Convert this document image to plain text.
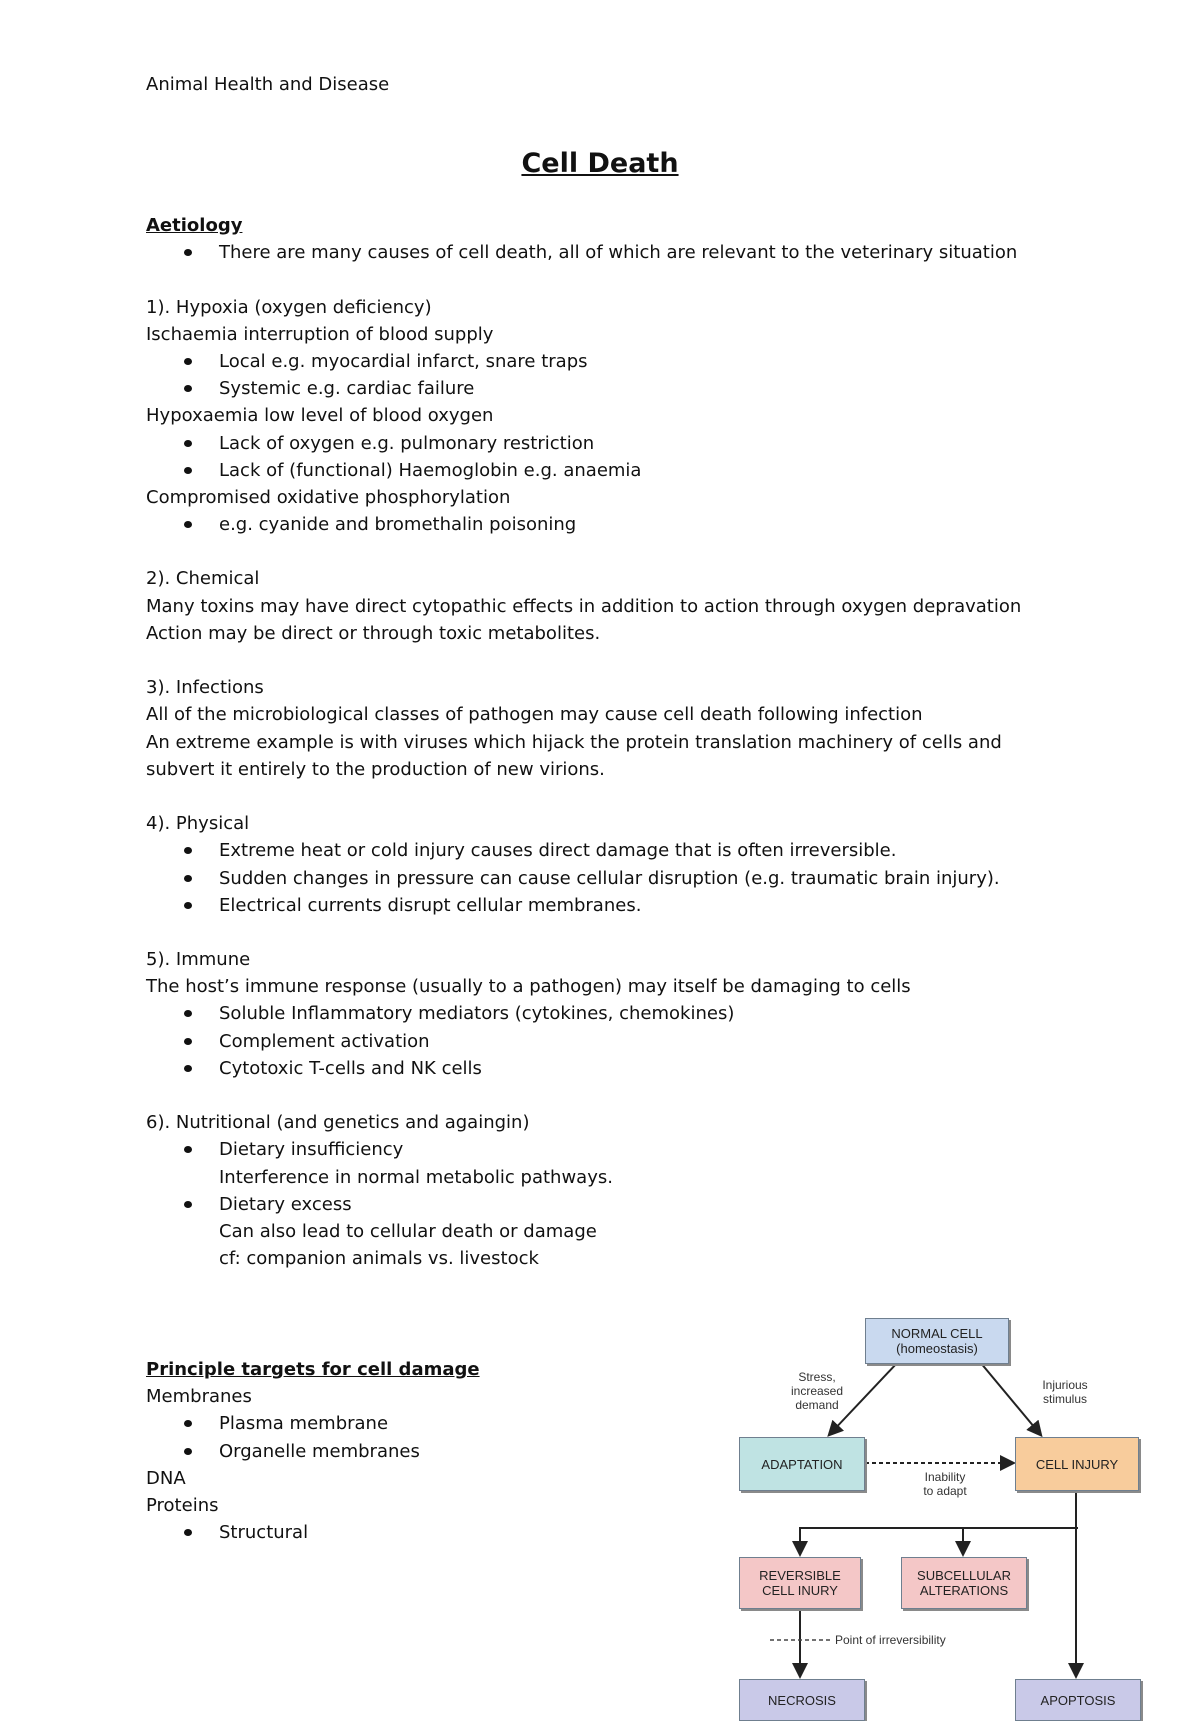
Animal Health and Disease
Cell Death
Aetiology
There are many causes of cell death, all of which are relevant to the veterinary situation
1). Hypoxia (oxygen deficiency)
Ischaemia interruption of blood supply
Local e.g. myocardial infarct, snare traps
Systemic e.g. cardiac failure
Hypoxaemia low level of blood oxygen
Lack of oxygen e.g. pulmonary restriction
Lack of (functional) Haemoglobin e.g. anaemia
Compromised oxidative phosphorylation
e.g. cyanide and bromethalin poisoning
2). Chemical
Many toxins may have direct cytopathic effects in addition to action through oxygen depravation
Action may be direct or through toxic metabolites.
3). Infections
All of the microbiological classes of pathogen may cause cell death following infection
An extreme example is with viruses which hijack the protein translation machinery of cells and
subvert it entirely to the production of new virions.
4). Physical
Extreme heat or cold injury causes direct damage that is often irreversible.
Sudden changes in pressure can cause cellular disruption (e.g. traumatic brain injury).
Electrical currents disrupt cellular membranes.
5). Immune
The host’s immune response (usually to a pathogen) may itself be damaging to cells
Soluble Inflammatory mediators (cytokines, chemokines)
Complement activation
Cytotoxic T-cells and NK cells
6). Nutritional (and genetics and againgin)
Dietary insufficiency
Interference in normal metabolic pathways.
Dietary excess
Can also lead to cellular death or damage
cf: companion animals vs. livestock
Principle targets for cell damage
Membranes
Plasma membrane
Organelle membranes
DNA
Proteins
Structural
NORMAL CELL
(homeostasis)
Stress,
increased
demand
Injurious
stimulus
ADAPTATION	CELL INJURY
Inability
to adapt
REVERSIBLE
CELL INURY
SUBCELLULAR
ALTERATIONS
Point of irreversibility
NECROSIS	APOPTOSIS
